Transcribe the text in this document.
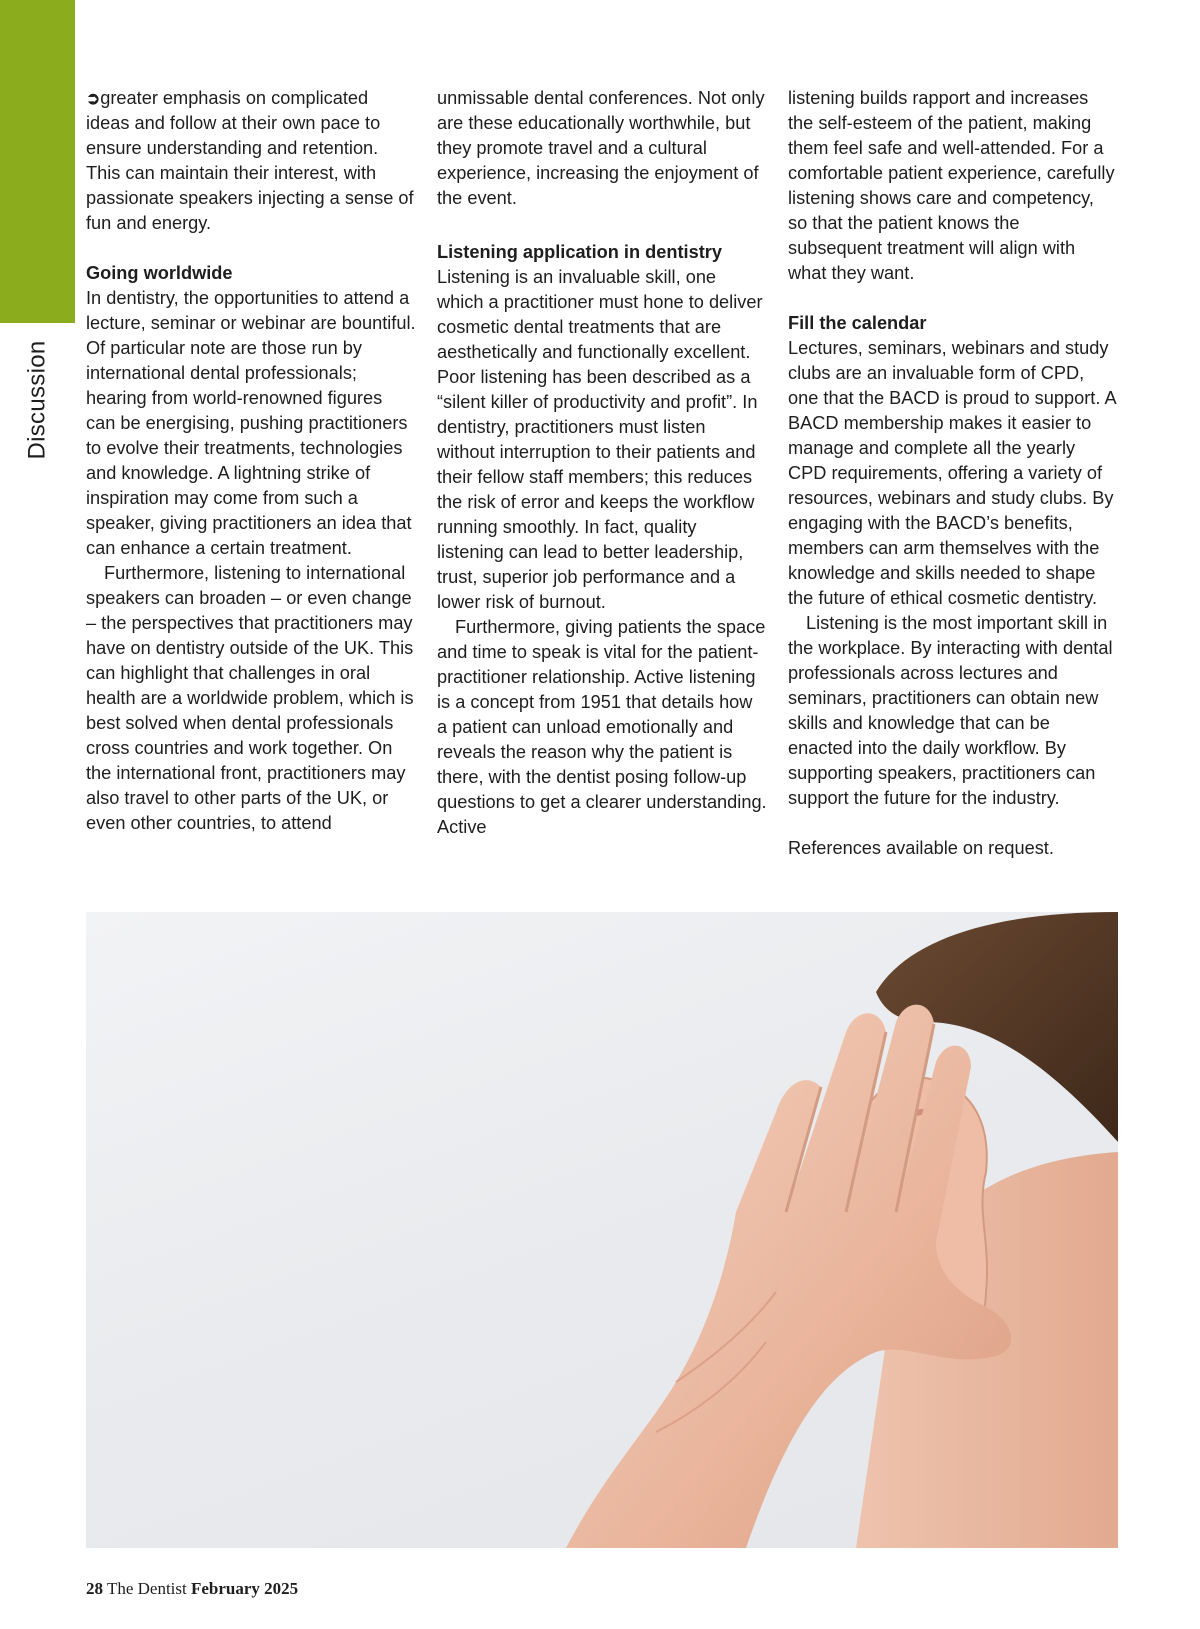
Discussion

➲greater emphasis on complicated ideas and follow at their own pace to ensure understanding and retention. This can maintain their interest, with passionate speakers injecting a sense of fun and energy.

Going worldwide

In dentistry, the opportunities to attend a lecture, seminar or webinar are bountiful. Of particular note are those run by international dental professionals; hearing from world-renowned figures can be energising, pushing practitioners to evolve their treatments, technologies and knowledge. A lightning strike of inspiration may come from such a speaker, giving practitioners an idea that can enhance a certain treatment.

Furthermore, listening to international speakers can broaden – or even change – the perspectives that practitioners may have on dentistry outside of the UK. This can highlight that challenges in oral health are a worldwide problem, which is best solved when dental professionals cross countries and work together. On the international front, practitioners may also travel to other parts of the UK, or even other countries, to attend

unmissable dental conferences. Not only are these educationally worthwhile, but they promote travel and a cultural experience, increasing the enjoyment of the event.

Listening application in dentistry

Listening is an invaluable skill, one which a practitioner must hone to deliver cosmetic dental treatments that are aesthetically and functionally excellent. Poor listening has been described as a “silent killer of productivity and profit”. In dentistry, practitioners must listen without interruption to their patients and their fellow staff members; this reduces the risk of error and keeps the workflow running smoothly. In fact, quality listening can lead to better leadership, trust, superior job performance and a lower risk of burnout.

Furthermore, giving patients the space and time to speak is vital for the patient-practitioner relationship. Active listening is a concept from 1951 that details how a patient can unload emotionally and reveals the reason why the patient is there, with the dentist posing follow-up questions to get a clearer understanding. Active

listening builds rapport and increases the self-esteem of the patient, making them feel safe and well-attended. For a comfortable patient experience, carefully listening shows care and competency, so that the patient knows the subsequent treatment will align with what they want.

Fill the calendar

Lectures, seminars, webinars and study clubs are an invaluable form of CPD, one that the BACD is proud to support. A BACD membership makes it easier to manage and complete all the yearly CPD requirements, offering a variety of resources, webinars and study clubs. By engaging with the BACD’s benefits, members can arm themselves with the knowledge and skills needed to shape the future of ethical cosmetic dentistry.

Listening is the most important skill in the workplace. By interacting with dental professionals across lectures and seminars, practitioners can obtain new skills and knowledge that can be enacted into the daily workflow. By supporting speakers, practitioners can support the future for the industry.

References available on request.

28 The Dentist February 2025
